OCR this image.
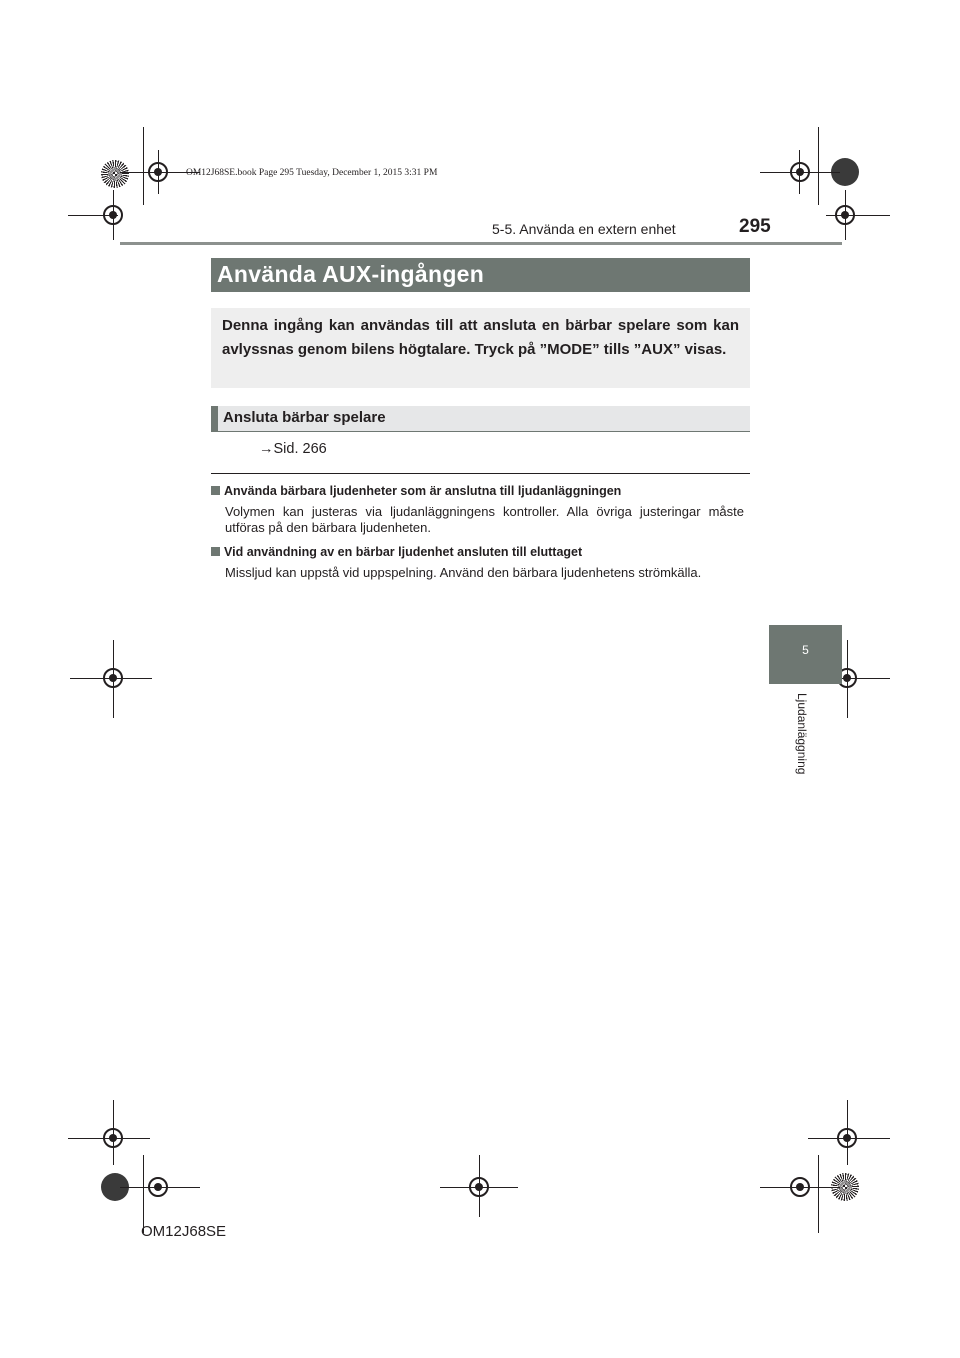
OM12J68SE.book Page 295 Tuesday, December 1, 2015 3:31 PM
5-5. Använda en extern enhet	295
5
Ljudanläggning
Använda AUX-ingången
Denna ingång kan användas till att ansluta en bärbar spelare som kan avlyssnas genom bilens högtalare. Tryck på ”MODE” tills ”AUX” visas.
Ansluta bärbar spelare
→Sid. 266
Använda bärbara ljudenheter som är anslutna till ljudanläggningen
Volymen kan justeras via ljudanläggningens kontroller. Alla övriga justeringar måste utföras på den bärbara ljudenheten.
Vid användning av en bärbar ljudenhet ansluten till eluttaget
Missljud kan uppstå vid uppspelning. Använd den bärbara ljudenhetens strömkälla.
OM12J68SE
